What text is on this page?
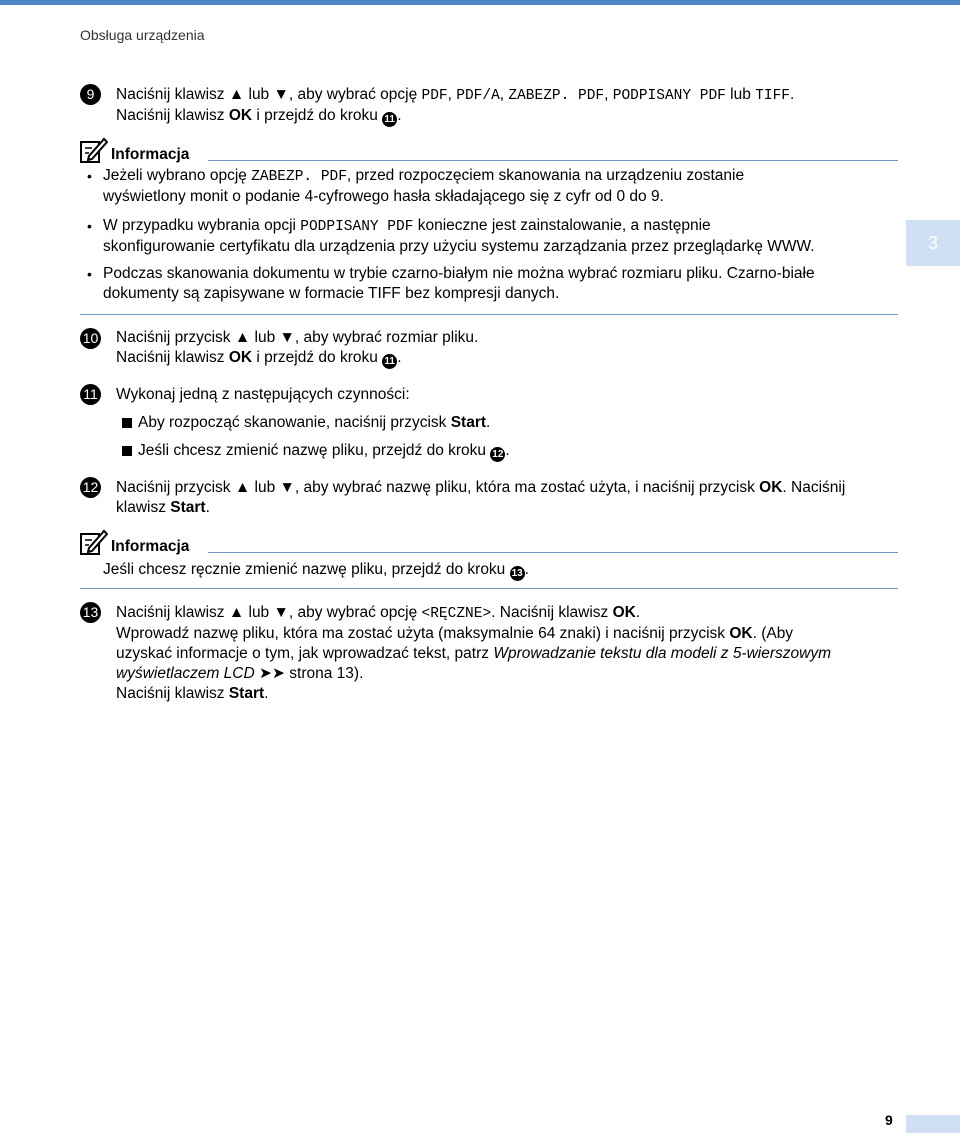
Obsługa urządzenia
9	Naciśnij klawisz ▲ lub ▼, aby wybrać opcję PDF, PDF/A, ZABEZP. PDF, PODPISANY PDF lub TIFF.
Naciśnij klawisz OK i przejdź do kroku 11 .
Informacja
• Jeżeli wybrano opcję ZABEZP. PDF, przed rozpoczęciem skanowania na urządzeniu zostanie
wyświetlony monit o podanie 4-cyfrowego hasła składającego się z cyfr od 0 do 9.
• W przypadku wybrania opcji PODPISANY PDF konieczne jest zainstalowanie, a następnie
skonfigurowanie certyfikatu dla urządzenia przy użyciu systemu zarządzania przez przeglądarkę WWW.
• Podczas skanowania dokumentu w trybie czarno-białym nie można wybrać rozmiaru pliku. Czarno-białe
dokumenty są zapisywane w formacie TIFF bez kompresji danych.
10 Naciśnij przycisk ▲ lub ▼, aby wybrać rozmiar pliku.
Naciśnij klawisz OK i przejdź do kroku 11 .
11 Wykonaj jedną z następujących czynności:
Aby rozpocząć skanowanie, naciśnij przycisk Start.
Jeśli chcesz zmienić nazwę pliku, przejdź do kroku 12 .
12 Naciśnij przycisk ▲ lub ▼, aby wybrać nazwę pliku, która ma zostać użyta, i naciśnij przycisk OK. Naciśnij
klawisz Start.
Informacja
Jeśli chcesz ręcznie zmienić nazwę pliku, przejdź do kroku 13 .
13 Naciśnij klawisz ▲ lub ▼, aby wybrać opcję <RĘCZNE>. Naciśnij klawisz OK.
Wprowadź nazwę pliku, która ma zostać użyta (maksymalnie 64 znaki) i naciśnij przycisk OK. (Aby
uzyskać informacje o tym, jak wprowadzać tekst, patrz Wprowadzanie tekstu dla modeli z 5-wierszowym
wyświetlaczem LCD ➤➤ strona 13).
Naciśnij klawisz Start.
3
9
